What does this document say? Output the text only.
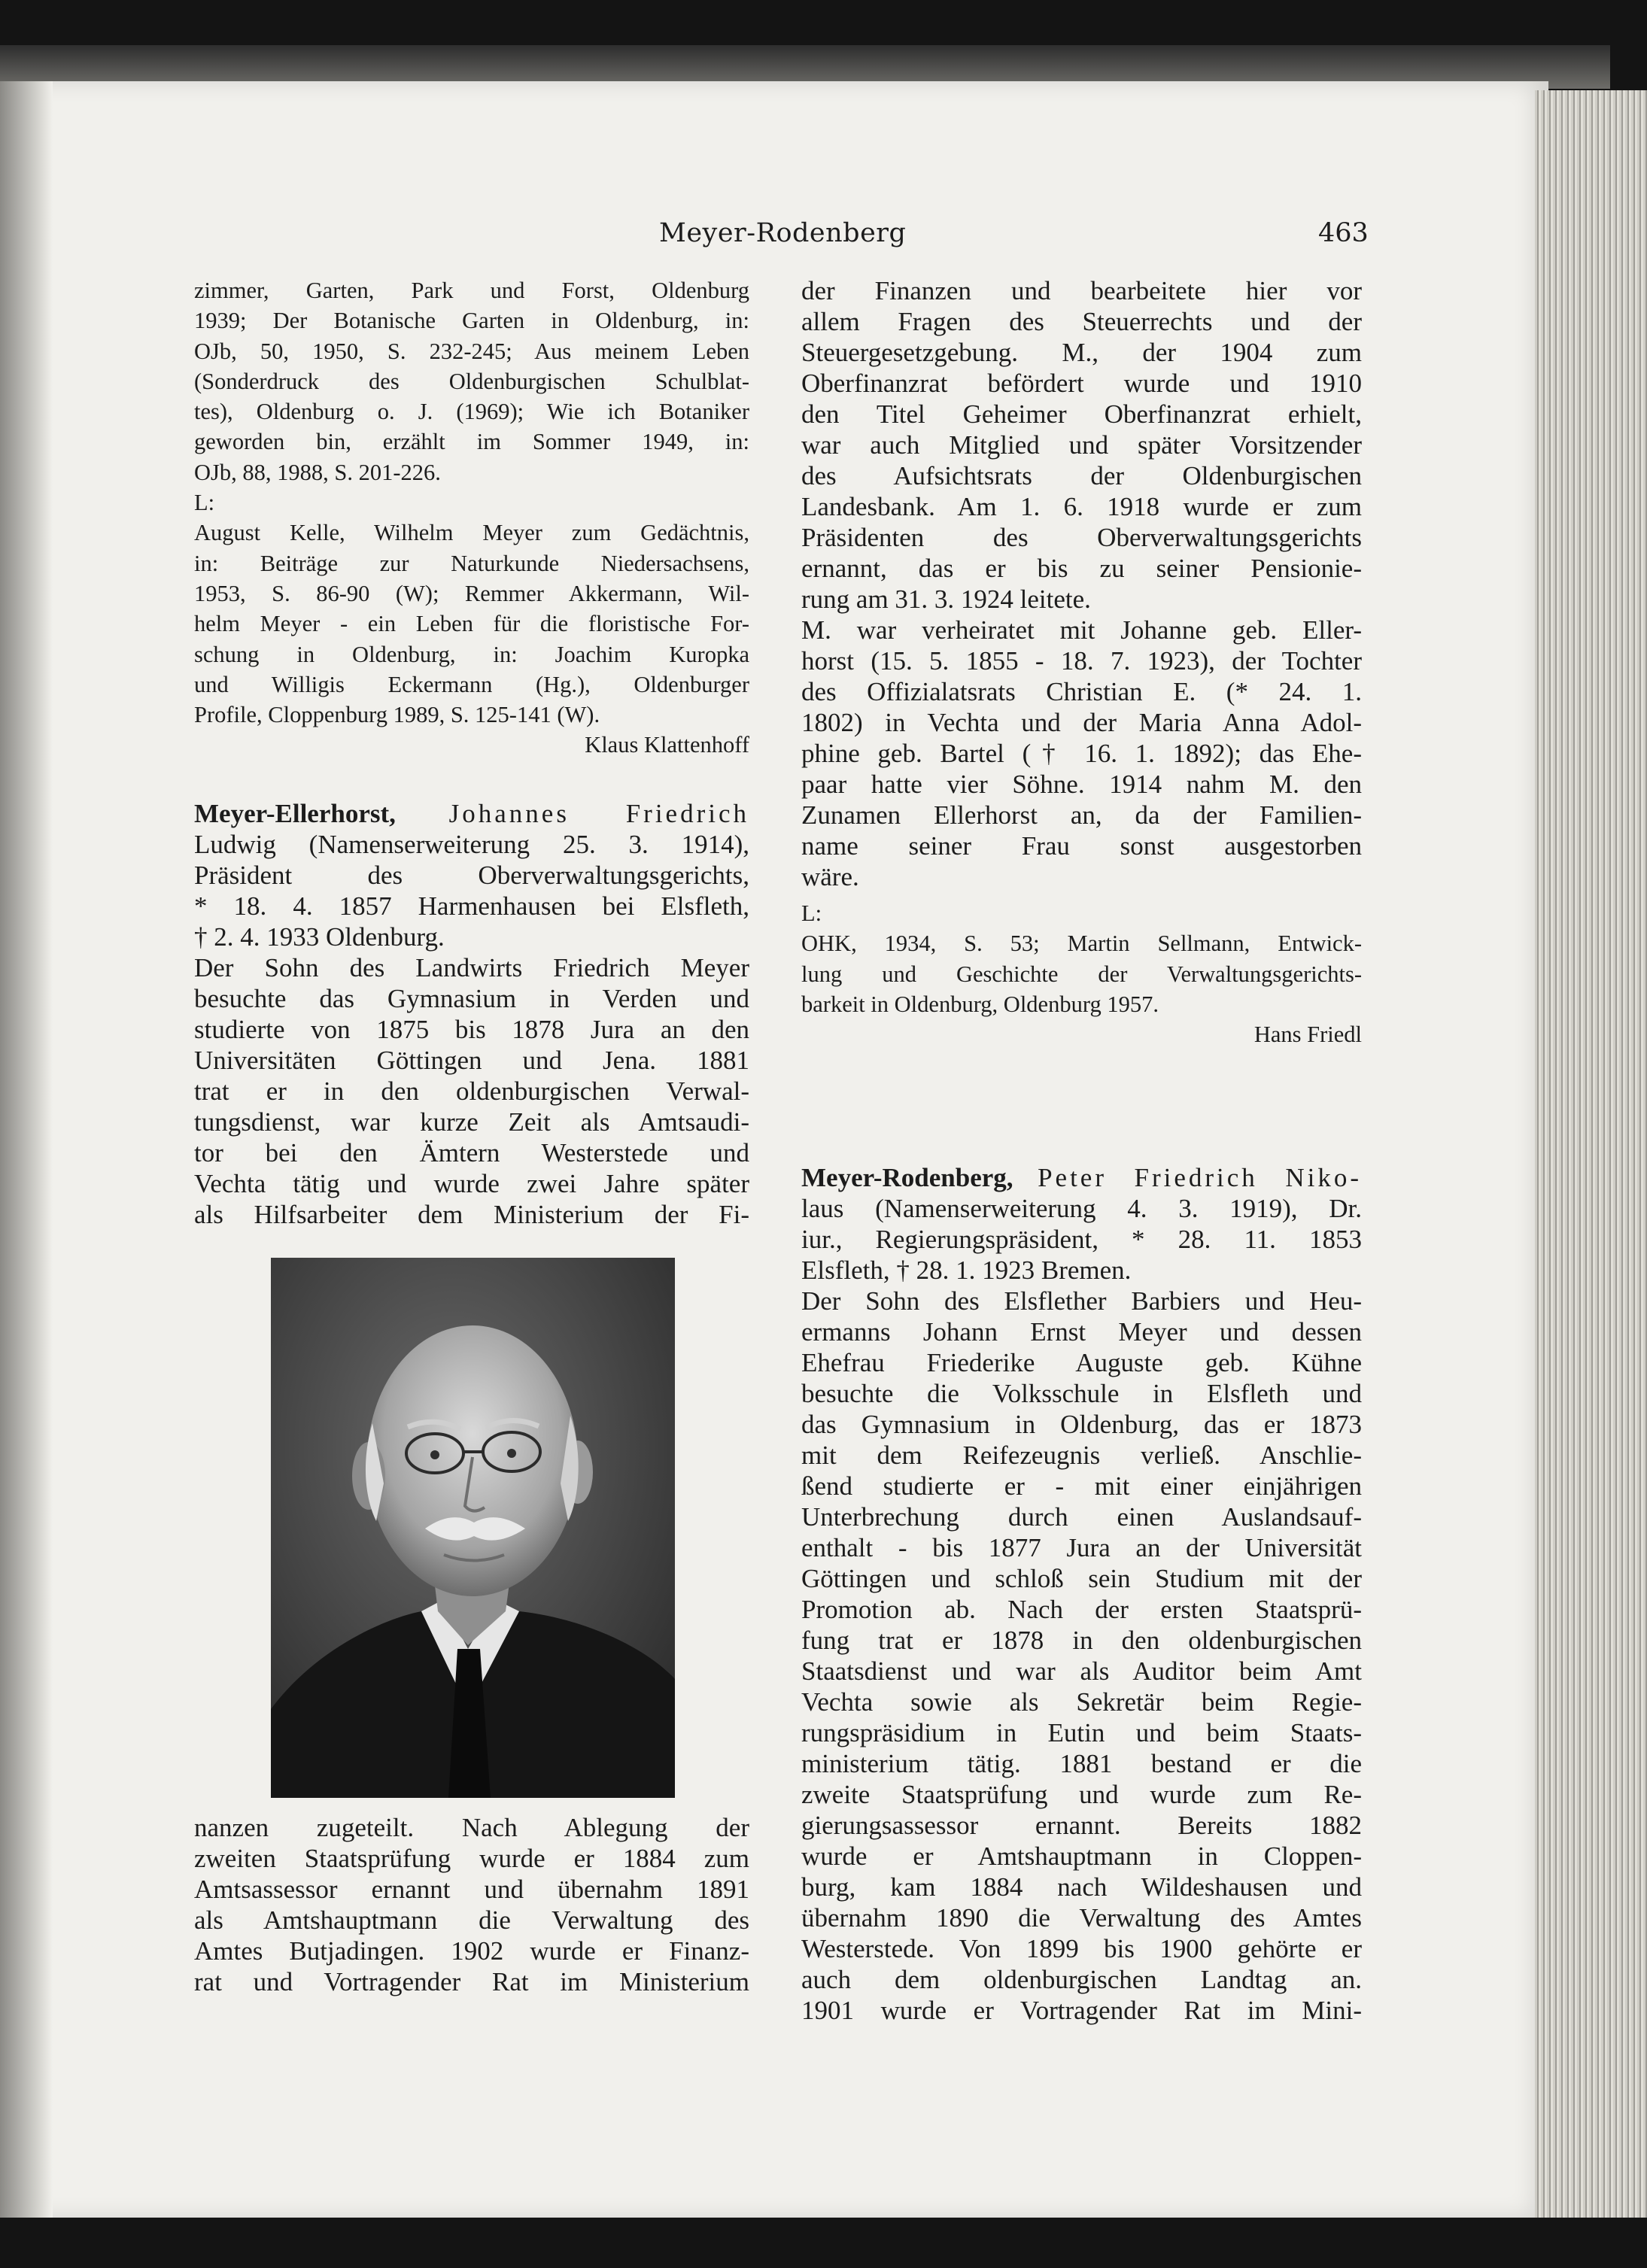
Meyer-Rodenberg	463
zimmer, Garten, Park und Forst, Oldenburg
1939; Der Botanische Garten in Oldenburg, in:
OJb, 50, 1950, S. 232-245; Aus meinem Leben
(Sonderdruck des Oldenburgischen Schulblat-
tes), Oldenburg o. J. (1969); Wie ich Botaniker
geworden bin, erzählt im Sommer 1949, in:
OJb, 88, 1988, S. 201-226.
L:
August Kelle, Wilhelm Meyer zum Gedächtnis,
in: Beiträge zur Naturkunde Niedersachsens,
1953, S. 86-90 (W); Remmer Akkermann, Wil-
helm Meyer - ein Leben für die floristische For-
schung in Oldenburg, in: Joachim Kuropka
und Willigis Eckermann (Hg.), Oldenburger
Profile, Cloppenburg 1989, S. 125-141 (W).
Klaus Klattenhoff
Meyer-Ellerhorst, Johannes Friedrich
Ludwig (Namenserweiterung 25. 3. 1914),
Präsident des Oberverwaltungsgerichts,
* 18. 4. 1857 Harmenhausen bei Elsfleth,
† 2. 4. 1933 Oldenburg.
Der Sohn des Landwirts Friedrich Meyer
besuchte das Gymnasium in Verden und
studierte von 1875 bis 1878 Jura an den
Universitäten Göttingen und Jena. 1881
trat er in den oldenburgischen Verwal-
tungsdienst, war kurze Zeit als Amtsaudi-
tor bei den Ämtern Westerstede und
Vechta tätig und wurde zwei Jahre später
als Hilfsarbeiter dem Ministerium der Fi-
nanzen zugeteilt. Nach Ablegung der
zweiten Staatsprüfung wurde er 1884 zum
Amtsassessor ernannt und übernahm 1891
als Amtshauptmann die Verwaltung des
Amtes Butjadingen. 1902 wurde er Finanz-
rat und Vortragender Rat im Ministerium
der Finanzen und bearbeitete hier vor
allem Fragen des Steuerrechts und der
Steuergesetzgebung. M., der 1904 zum
Oberfinanzrat befördert wurde und 1910
den Titel Geheimer Oberfinanzrat erhielt,
war auch Mitglied und später Vorsitzender
des Aufsichtsrats der Oldenburgischen
Landesbank. Am 1. 6. 1918 wurde er zum
Präsidenten des Oberverwaltungsgerichts
ernannt, das er bis zu seiner Pensionie-
rung am 31. 3. 1924 leitete.
M. war verheiratet mit Johanne geb. Eller-
horst (15. 5. 1855 - 18. 7. 1923), der Tochter
des Offizialatsrats Christian E. (* 24. 1.
1802) in Vechta und der Maria Anna Adol-
phine geb. Bartel († 16. 1. 1892); das Ehe-
paar hatte vier Söhne. 1914 nahm M. den
Zunamen Ellerhorst an, da der Familien-
name seiner Frau sonst ausgestorben
wäre.
L:
OHK, 1934, S. 53; Martin Sellmann, Entwick-
lung und Geschichte der Verwaltungsgerichts-
barkeit in Oldenburg, Oldenburg 1957.
Hans Friedl
Meyer-Rodenberg, Peter Friedrich Niko-
laus (Namenserweiterung 4. 3. 1919), Dr.
iur., Regierungspräsident, * 28. 11. 1853
Elsfleth, † 28. 1. 1923 Bremen.
Der Sohn des Elsflether Barbiers und Heu-
ermanns Johann Ernst Meyer und dessen
Ehefrau Friederike Auguste geb. Kühne
besuchte die Volksschule in Elsfleth und
das Gymnasium in Oldenburg, das er 1873
mit dem Reifezeugnis verließ. Anschlie-
ßend studierte er - mit einer einjährigen
Unterbrechung durch einen Auslandsauf-
enthalt - bis 1877 Jura an der Universität
Göttingen und schloß sein Studium mit der
Promotion ab. Nach der ersten Staatsprü-
fung trat er 1878 in den oldenburgischen
Staatsdienst und war als Auditor beim Amt
Vechta sowie als Sekretär beim Regie-
rungspräsidium in Eutin und beim Staats-
ministerium tätig. 1881 bestand er die
zweite Staatsprüfung und wurde zum Re-
gierungsassessor ernannt. Bereits 1882
wurde er Amtshauptmann in Cloppen-
burg, kam 1884 nach Wildeshausen und
übernahm 1890 die Verwaltung des Amtes
Westerstede. Von 1899 bis 1900 gehörte er
auch dem oldenburgischen Landtag an.
1901 wurde er Vortragender Rat im Mini-
